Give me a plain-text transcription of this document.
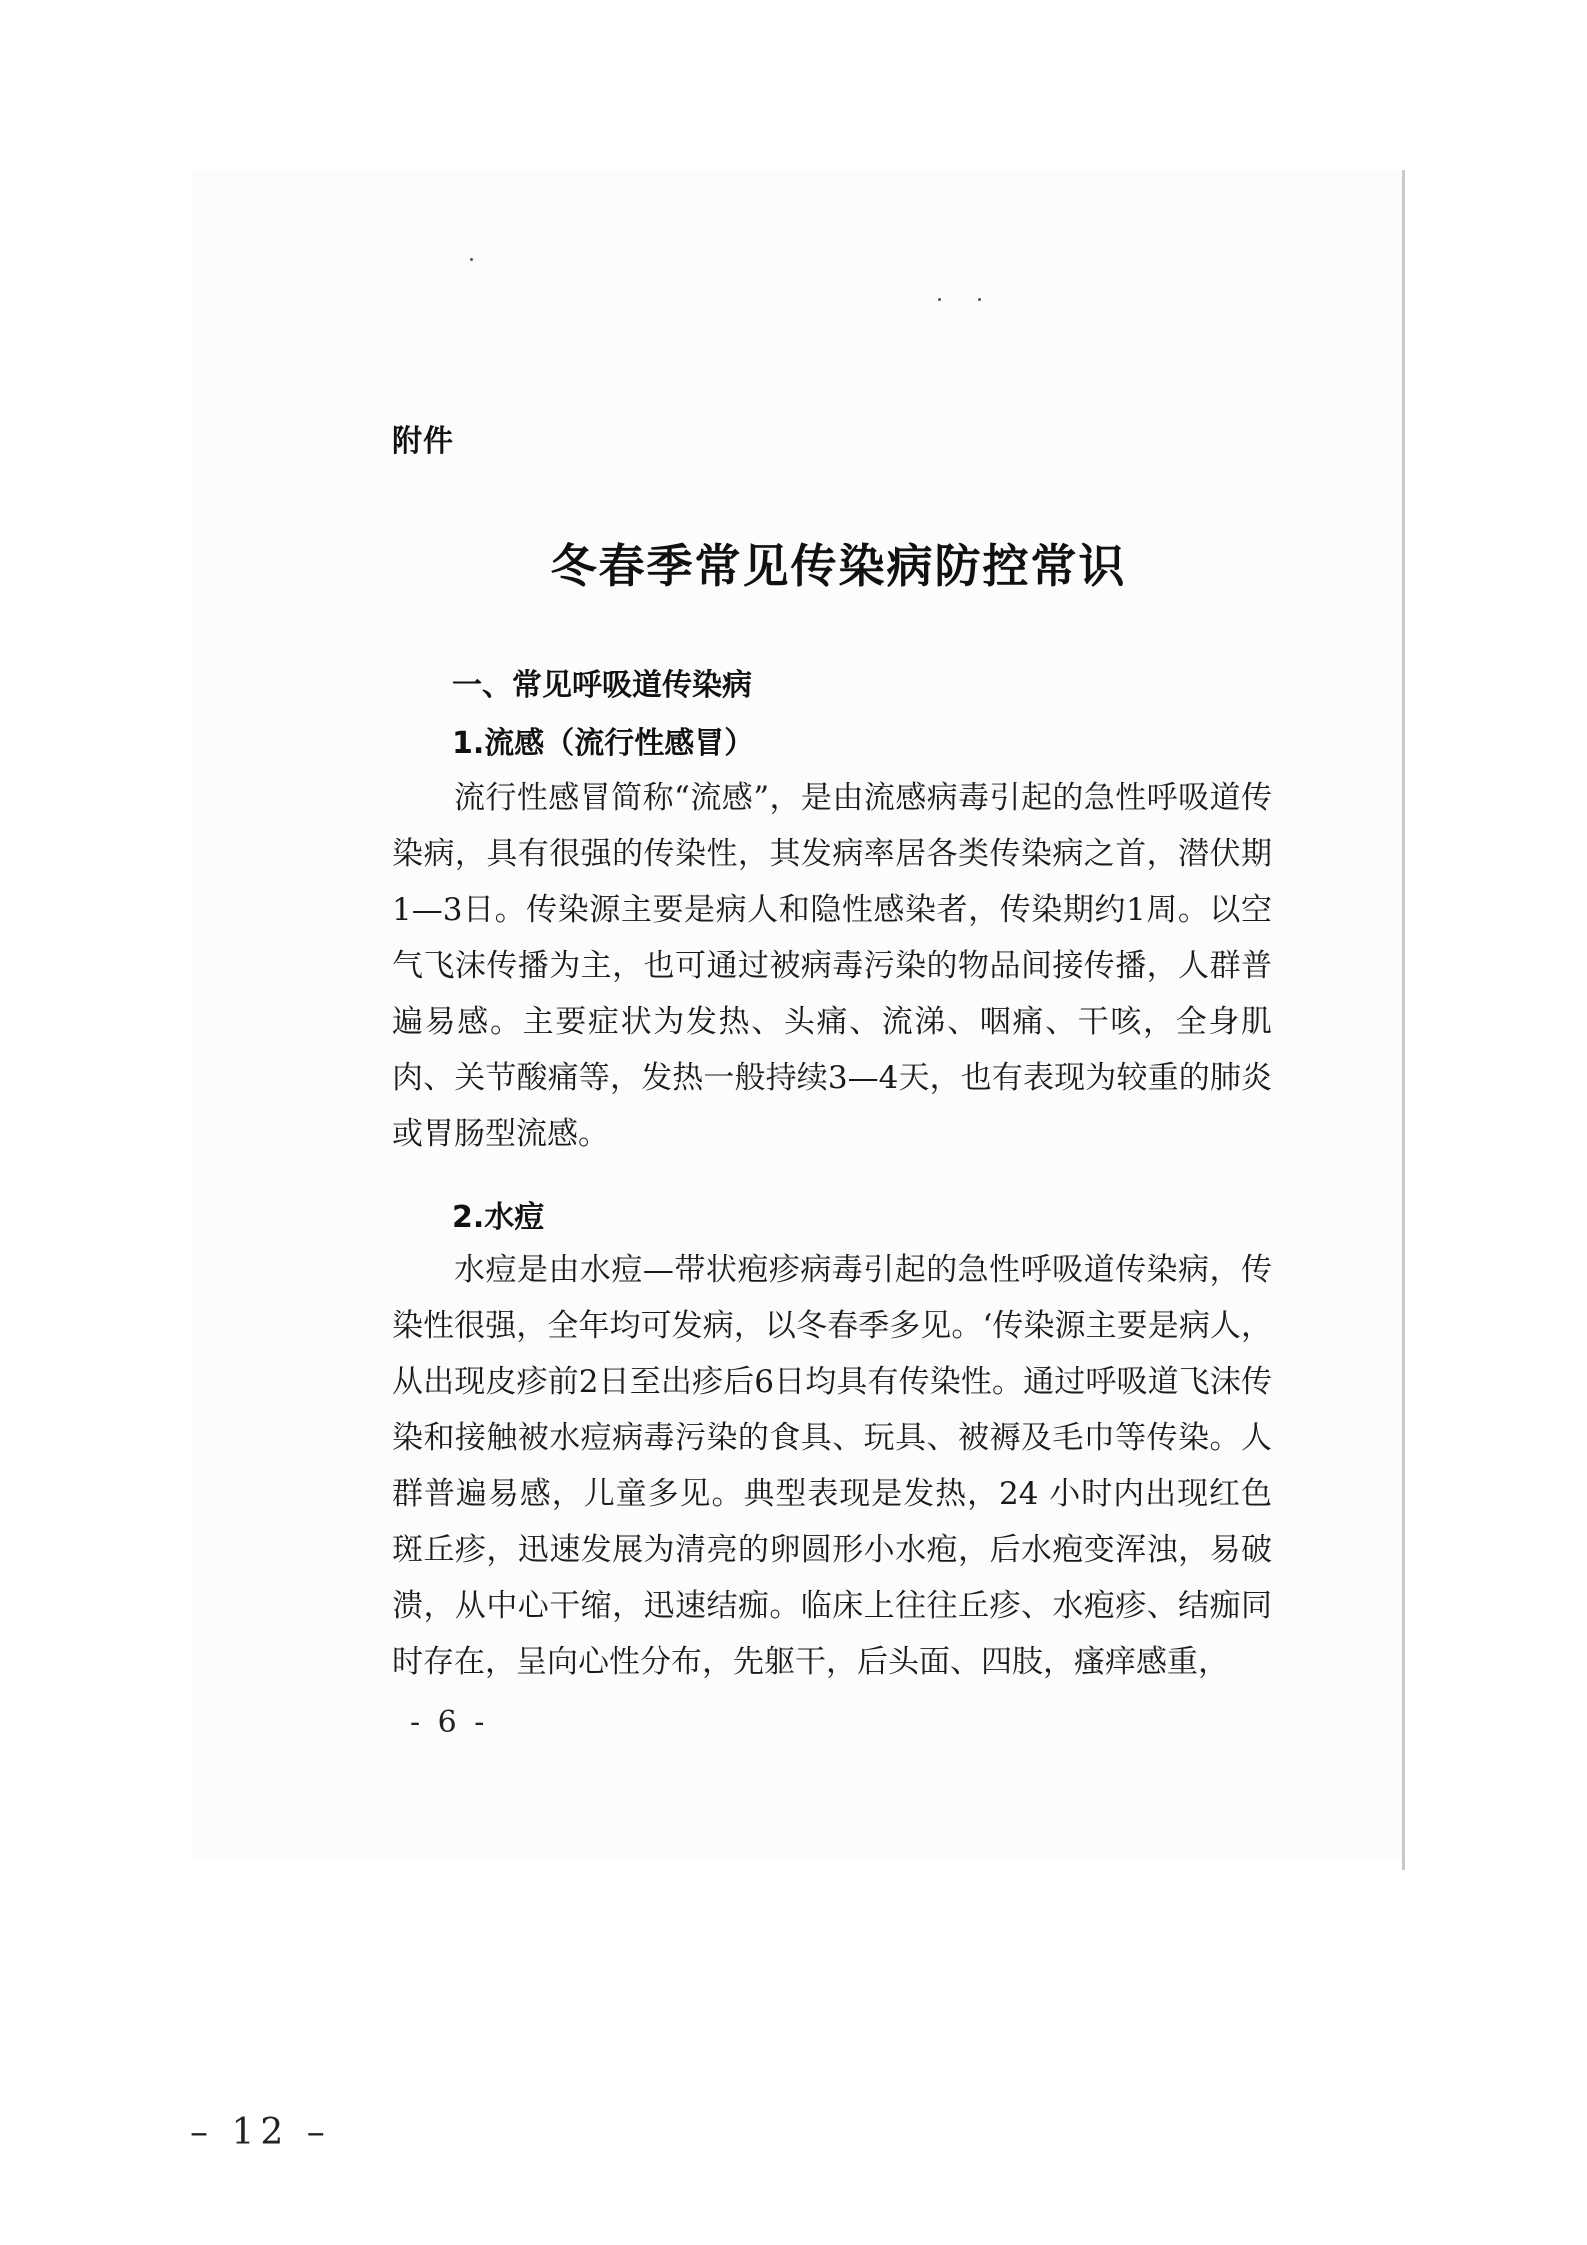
附件
冬春季常见传染病防控常识
一、常见呼吸道传染病
1.流感（流行性感冒）

流行性感冒简称“流感”，是由流感病毒引起的急性呼吸道传染病，具有很强的传染性，其发病率居各类传染病之首，潜伏期1—3日。传染源主要是病人和隐性感染者，传染期约1周。以空气飞沫传播为主，也可通过被病毒污染的物品间接传播，人群普遍易感。主要症状为发热、头痛、流涕、咽痛、干咳，全身肌肉、关节酸痛等，发热一般持续3—4天，也有表现为较重的肺炎或胃肠型流感。

2.水痘

水痘是由水痘—带状疱疹病毒引起的急性呼吸道传染病，传染性很强，全年均可发病，以冬春季多见。‘传染源主要是病人，从出现皮疹前2日至出疹后6日均具有传染性。通过呼吸道飞沫传染和接触被水痘病毒污染的食具、玩具、被褥及毛巾等传染。人群普遍易感，儿童多见。典型表现是发热，24 小时内出现红色斑丘疹，迅速发展为清亮的卵圆形小水疱，后水疱变浑浊，易破溃，从中心干缩，迅速结痂。临床上往往丘疹、水疱疹、结痂同时存在，呈向心性分布，先躯干，后头面、四肢，瘙痒感重，

- 6 -
– 12 –
